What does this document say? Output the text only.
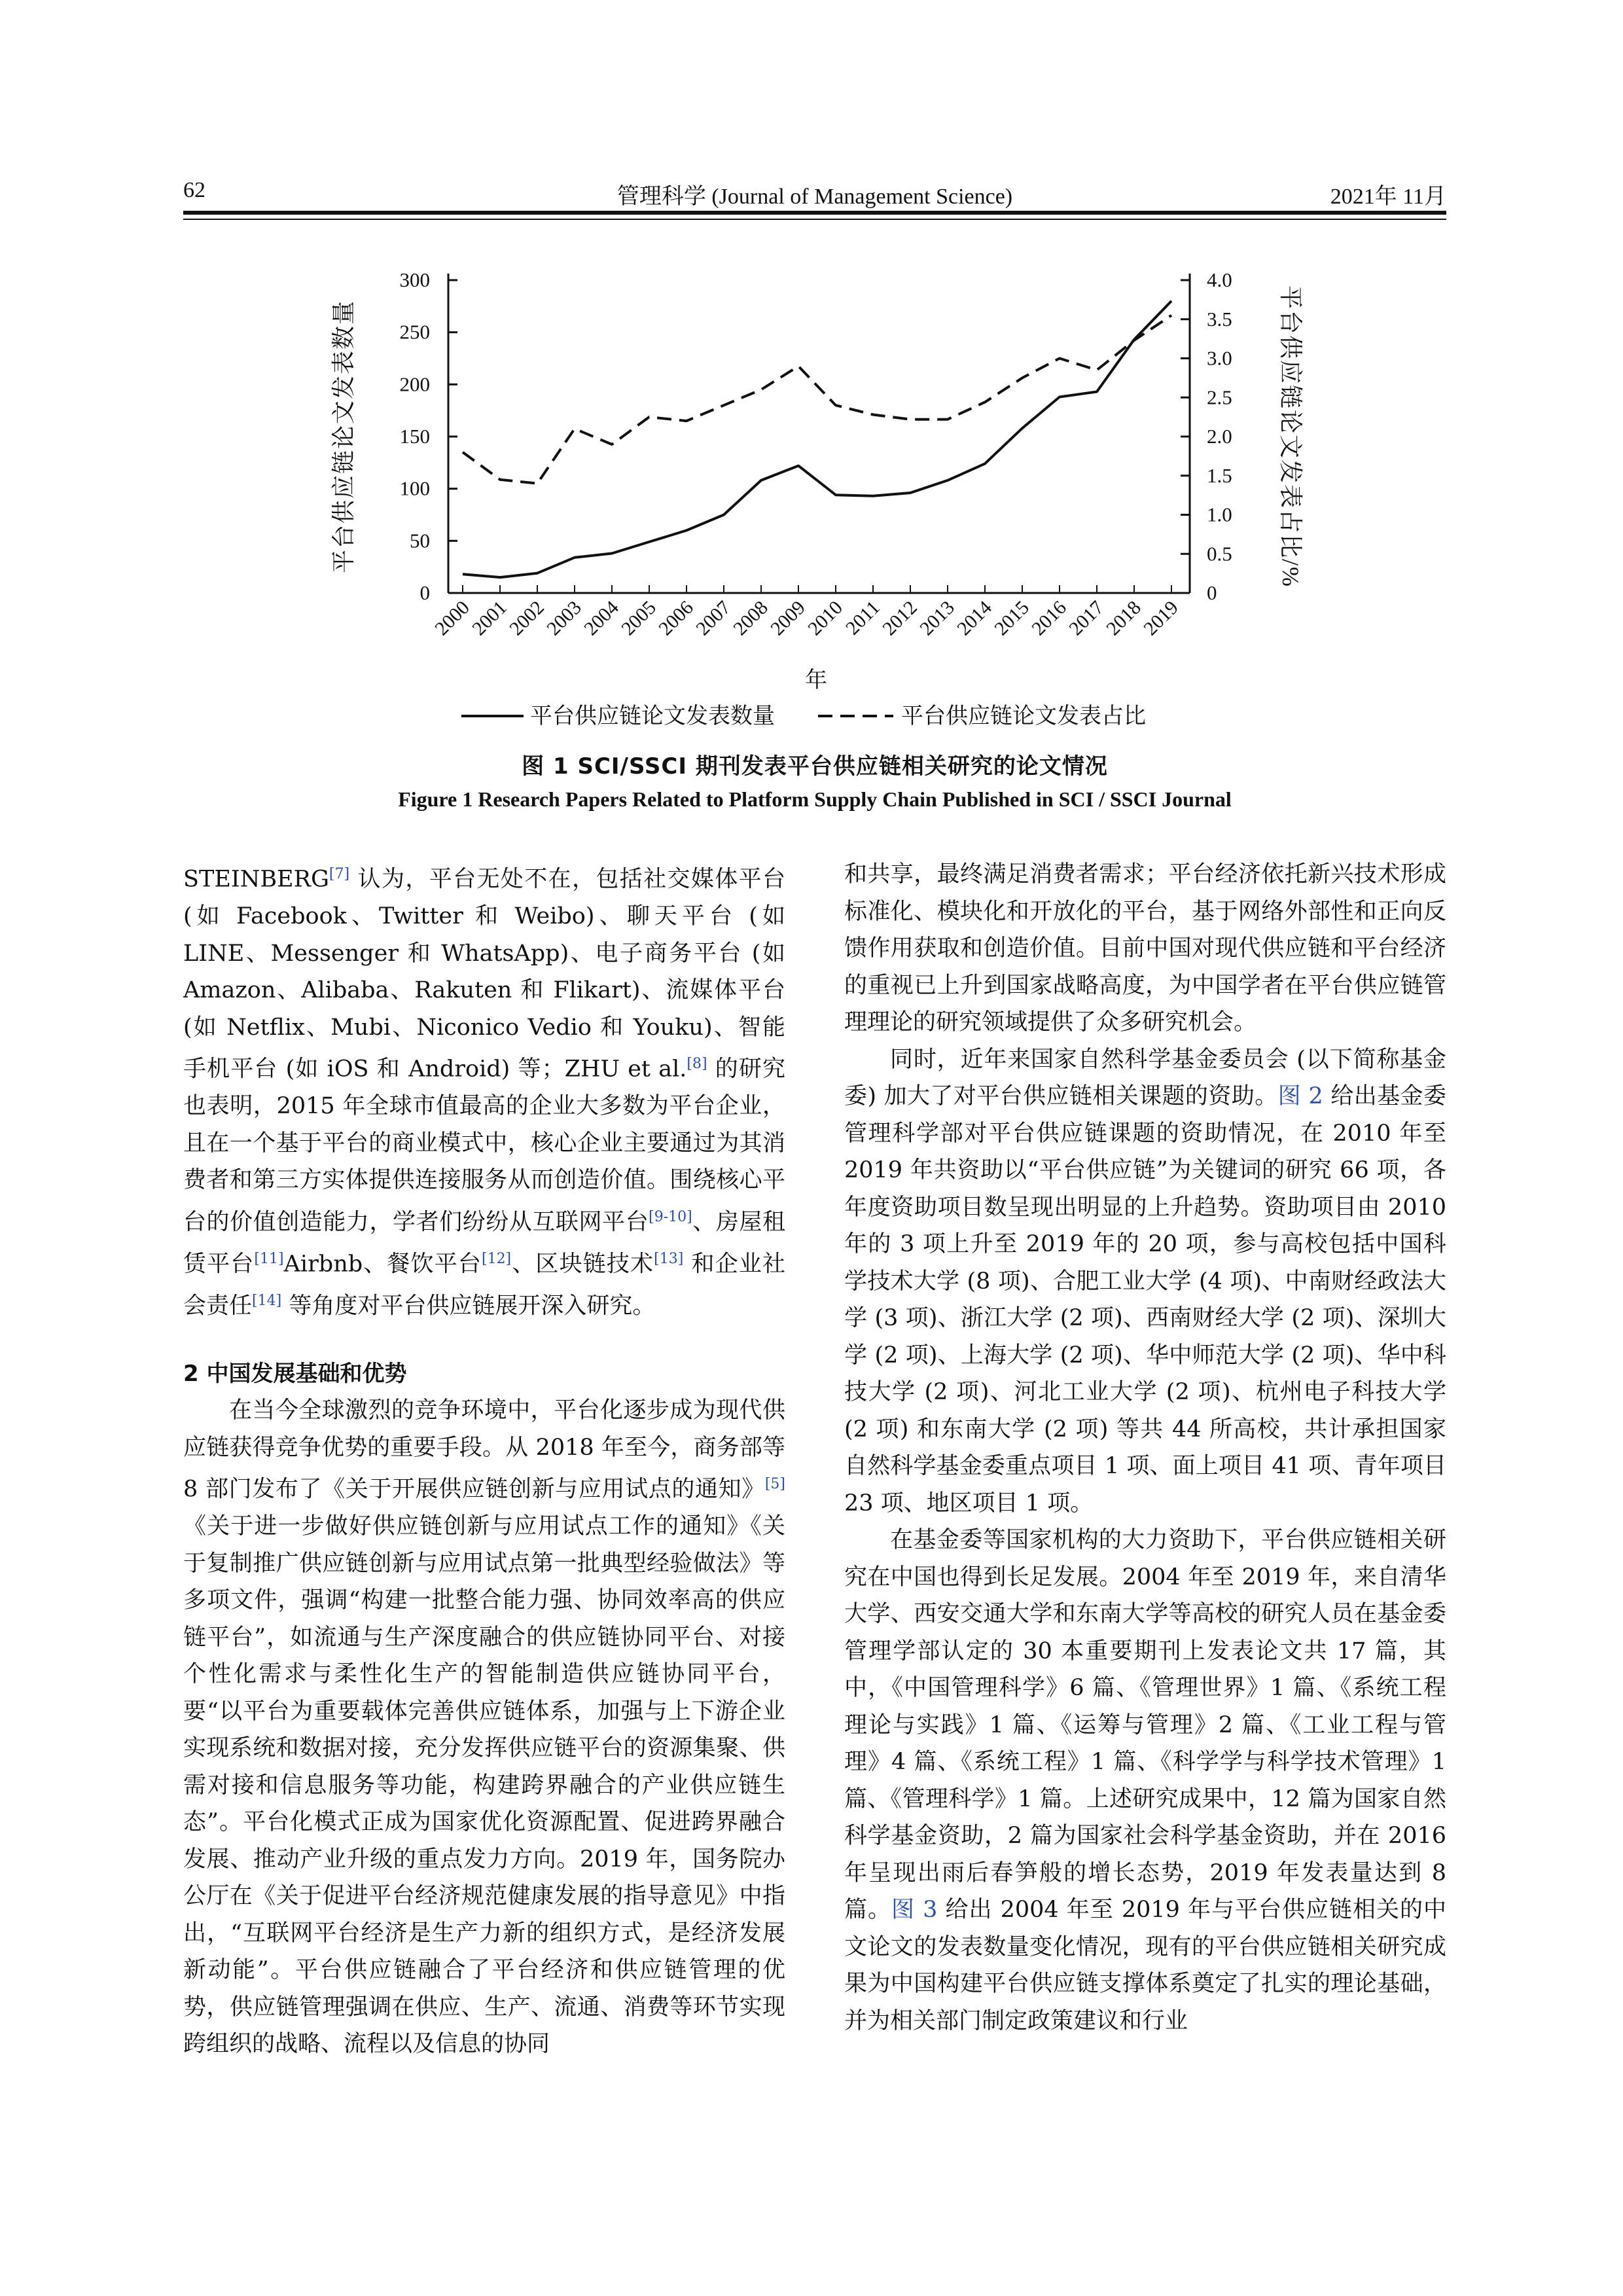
62	管理科学 (Journal of Management Science)	2021年 11月
0
50
100
150
200
250
300
0
0.5
1.0
1.5
2.0
2.5
3.0
3.5
4.0
2000
2001
2002
2003
2004
2005
2006
2007
2008
2009
2010
2011
2012
2013
2014
2015
2016
2017
2018
2019
年
平台供应链论文发表数量	平台供应链论文发表占比/%
平台供应链论文发表数量	平台供应链论文发表占比
图 1 SCI/SSCI 期刊发表平台供应链相关研究的论文情况
Figure 1 Research Papers Related to Platform Supply Chain Published in SCI / SSCI Journal

STEINBERG[7] 认为，平台无处不在，包括社交媒体平台 (如 Facebook、Twitter 和 Weibo)、聊天平台 (如 LINE、Messenger 和 WhatsApp)、电子商务平台 (如 Amazon、Alibaba、Rakuten 和 Flikart)、流媒体平台 (如 Netflix、Mubi、Niconico Vedio 和 Youku)、智能手机平台 (如 iOS 和 Android) 等；ZHU et al.[8] 的研究也表明，2015 年全球市值最高的企业大多数为平台企业，且在一个基于平台的商业模式中，核心企业主要通过为其消费者和第三方实体提供连接服务从而创造价值。围绕核心平台的价值创造能力，学者们纷纷从互联网平台[9-10]、房屋租赁平台[11]Airbnb、餐饮平台[12]、区块链技术[13] 和企业社会责任[14] 等角度对平台供应链展开深入研究。

2 中国发展基础和优势

在当今全球激烈的竞争环境中，平台化逐步成为现代供应链获得竞争优势的重要手段。从 2018 年至今，商务部等 8 部门发布了《关于开展供应链创新与应用试点的通知》[5]《关于进一步做好供应链创新与应用试点工作的通知》《关于复制推广供应链创新与应用试点第一批典型经验做法》等多项文件，强调“构建一批整合能力强、协同效率高的供应链平台”，如流通与生产深度融合的供应链协同平台、对接个性化需求与柔性化生产的智能制造供应链协同平台，要“以平台为重要载体完善供应链体系，加强与上下游企业实现系统和数据对接，充分发挥供应链平台的资源集聚、供需对接和信息服务等功能，构建跨界融合的产业供应链生态”。平台化模式正成为国家优化资源配置、促进跨界融合发展、推动产业升级的重点发力方向。2019 年，国务院办公厅在《关于促进平台经济规范健康发展的指导意见》中指出，“互联网平台经济是生产力新的组织方式，是经济发展新动能”。平台供应链融合了平台经济和供应链管理的优势，供应链管理强调在供应、生产、流通、消费等环节实现跨组织的战略、流程以及信息的协同

和共享，最终满足消费者需求；平台经济依托新兴技术形成标准化、模块化和开放化的平台，基于网络外部性和正向反馈作用获取和创造价值。目前中国对现代供应链和平台经济的重视已上升到国家战略高度，为中国学者在平台供应链管理理论的研究领域提供了众多研究机会。

同时，近年来国家自然科学基金委员会 (以下简称基金委) 加大了对平台供应链相关课题的资助。图 2 给出基金委管理科学部对平台供应链课题的资助情况，在 2010 年至 2019 年共资助以“平台供应链”为关键词的研究 66 项，各年度资助项目数呈现出明显的上升趋势。资助项目由 2010 年的 3 项上升至 2019 年的 20 项，参与高校包括中国科学技术大学 (8 项)、合肥工业大学 (4 项)、中南财经政法大学 (3 项)、浙江大学 (2 项)、西南财经大学 (2 项)、深圳大学 (2 项)、上海大学 (2 项)、华中师范大学 (2 项)、华中科技大学 (2 项)、河北工业大学 (2 项)、杭州电子科技大学 (2 项) 和东南大学 (2 项) 等共 44 所高校，共计承担国家自然科学基金委重点项目 1 项、面上项目 41 项、青年项目 23 项、地区项目 1 项。

在基金委等国家机构的大力资助下，平台供应链相关研究在中国也得到长足发展。2004 年至 2019 年，来自清华大学、西安交通大学和东南大学等高校的研究人员在基金委管理学部认定的 30 本重要期刊上发表论文共 17 篇，其中，《中国管理科学》6 篇、《管理世界》1 篇、《系统工程理论与实践》1 篇、《运筹与管理》2 篇、《工业工程与管理》4 篇、《系统工程》1 篇、《科学学与科学技术管理》1 篇、《管理科学》1 篇。上述研究成果中，12 篇为国家自然科学基金资助，2 篇为国家社会科学基金资助，并在 2016 年呈现出雨后春笋般的增长态势，2019 年发表量达到 8 篇。图 3 给出 2004 年至 2019 年与平台供应链相关的中文论文的发表数量变化情况，现有的平台供应链相关研究成果为中国构建平台供应链支撑体系奠定了扎实的理论基础，并为相关部门制定政策建议和行业
